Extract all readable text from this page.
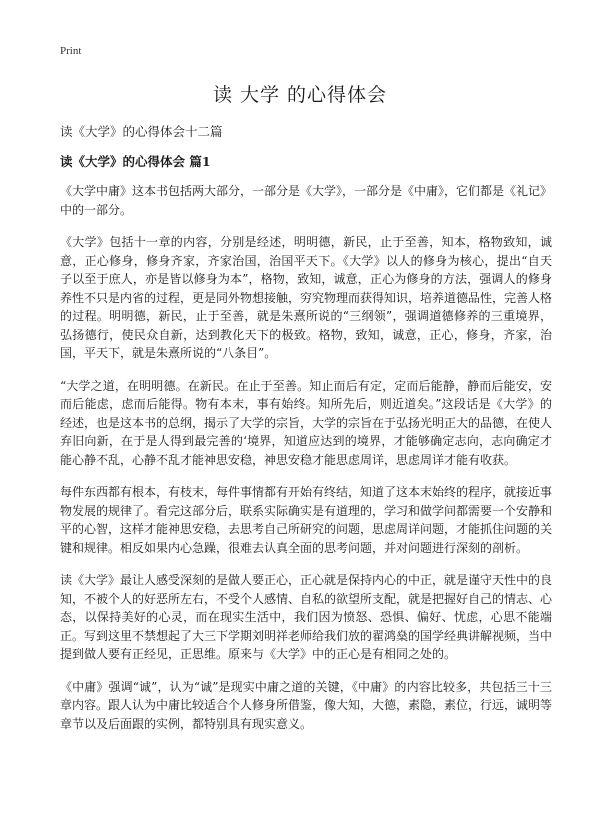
Print
读 大学 的心得体会
读《大学》的心得体会十二篇
读《大学》的心得体会 篇1

《大学中庸》这本书包括两大部分，一部分是《大学》，一部分是《中庸》，它们都是《礼记》中的一部分。

《大学》包括十一章的内容，分别是经述，明明德，新民，止于至善，知本，格物致知，诚意，正心修身，修身齐家，齐家治国，治国平天下。《大学》以人的修身为核心，提出“自天子以至于庶人，亦是皆以修身为本”，格物，致知，诚意，正心为修身的方法，强调人的修身养性不只是内省的过程，更是同外物想接触，穷究物理而获得知识，培养道德品性，完善人格的过程。明明德，新民，止于至善，就是朱熹所说的“三纲领”，强调道德修养的三重境界，弘扬德行，使民众自新，达到教化天下的极致。格物，致知，诚意，正心，修身，齐家，治国，平天下，就是朱熹所说的“八条目”。

“大学之道，在明明德。在新民。在止于至善。知止而后有定，定而后能静，静而后能安，安而后能虑，虑而后能得。物有本末，事有始终。知所先后，则近道矣。”这段话是《大学》的经述，也是这本书的总纲，揭示了大学的宗旨，大学的宗旨在于弘扬光明正大的品德，在使人弃旧向新，在于是人得到最完善的‘境界，知道应达到的境界，才能够确定志向，志向确定才能心静不乱，心静不乱才能神思安稳，神思安稳才能思虑周详，思虑周详才能有收获。

每件东西都有根本，有枝末，每件事情都有开始有终结，知道了这本末始终的程序，就接近事物发展的规律了。看完这部分后，联系实际确实是有道理的，学习和做学问都需要一个安静和平的心智，这样才能神思安稳，去思考自己所研究的问题，思虑周详问题，才能抓住问题的关键和规律。相反如果内心急躁，很难去认真全面的思考问题，并对问题进行深刻的剖析。

读《大学》最让人感受深刻的是做人要正心，正心就是保持内心的中正，就是谨守天性中的良知，不被个人的好恶所左右，不受个人感情、自私的欲望所支配，就是把握好自己的情志、心态，以保持美好的心灵，而在现实生活中，我们因为愤怒、恐惧、偏好、忧虑，心思不能端正。写到这里不禁想起了大三下学期刘明祥老师给我们放的翟鸿燊的国学经典讲解视频，当中提到做人要有正经见，正思维。原来与《大学》中的正心是有相同之处的。

《中庸》强调“诚”，认为“诚”是现实中庸之道的关键，《中庸》的内容比较多，共包括三十三章内容。跟人认为中庸比较适合个人修身所借鉴，像大知，大德，素隐，素位，行远，诚明等章节以及后面跟的实例，都特别具有现实意义。
